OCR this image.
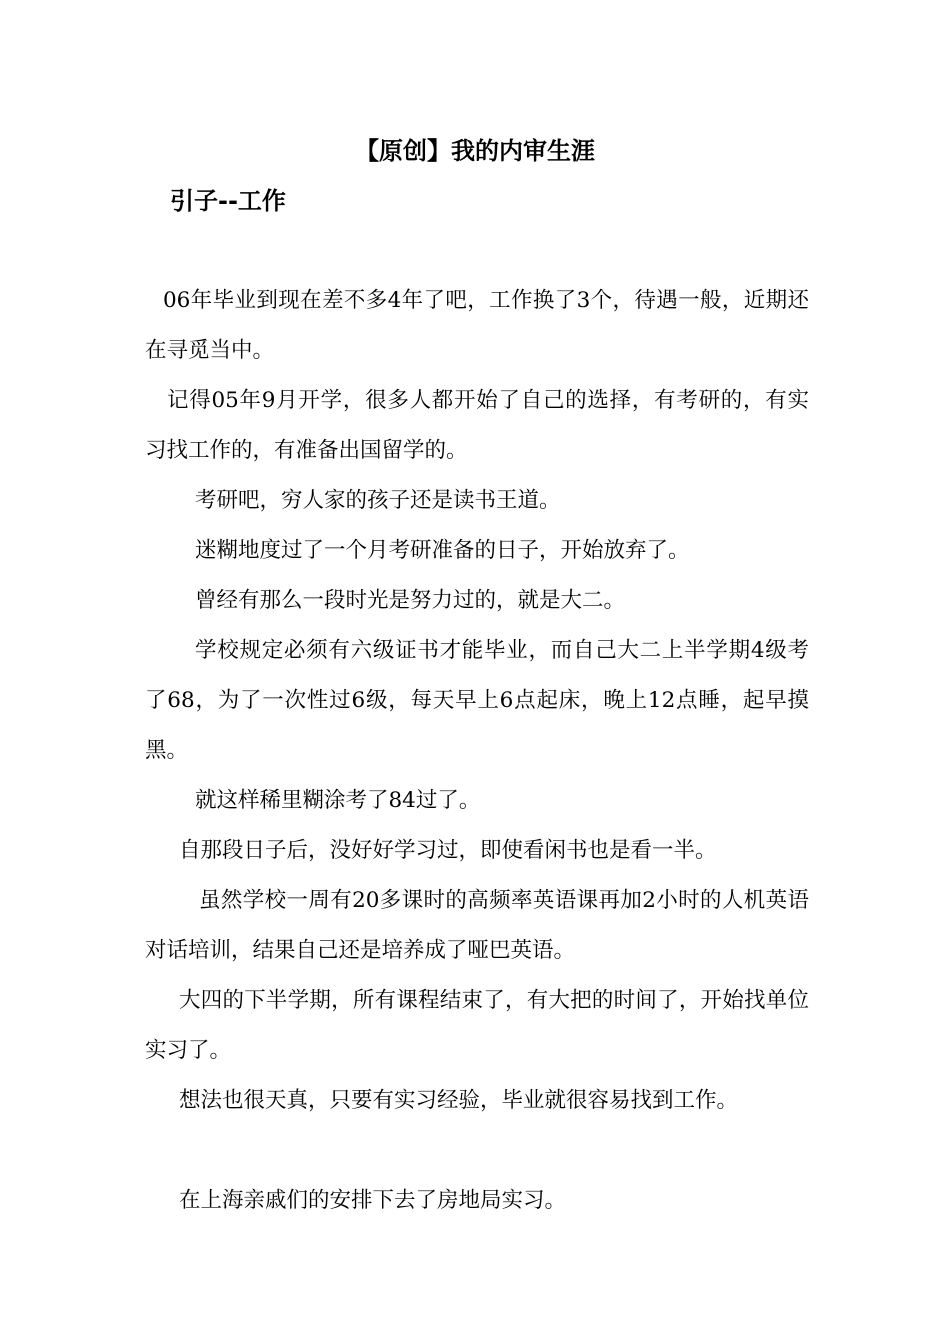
【原创】我的内审生涯
引子--工作

06年毕业到现在差不多4年了吧，工作换了3个，待遇一般，近期还在寻觅当中。

记得05年9月开学，很多人都开始了自己的选择，有考研的，有实习找工作的，有准备出国留学的。

考研吧，穷人家的孩子还是读书王道。

迷糊地度过了一个月考研准备的日子，开始放弃了。

曾经有那么一段时光是努力过的，就是大二。

学校规定必须有六级证书才能毕业，而自己大二上半学期4级考了68，为了一次性过6级，每天早上6点起床，晚上12点睡，起早摸黑。

就这样稀里糊涂考了84过了。

自那段日子后，没好好学习过，即使看闲书也是看一半。

虽然学校一周有20多课时的高频率英语课再加2小时的人机英语对话培训，结果自己还是培养成了哑巴英语。

大四的下半学期，所有课程结束了，有大把的时间了，开始找单位实习了。

想法也很天真，只要有实习经验，毕业就很容易找到工作。

在上海亲戚们的安排下去了房地局实习。
